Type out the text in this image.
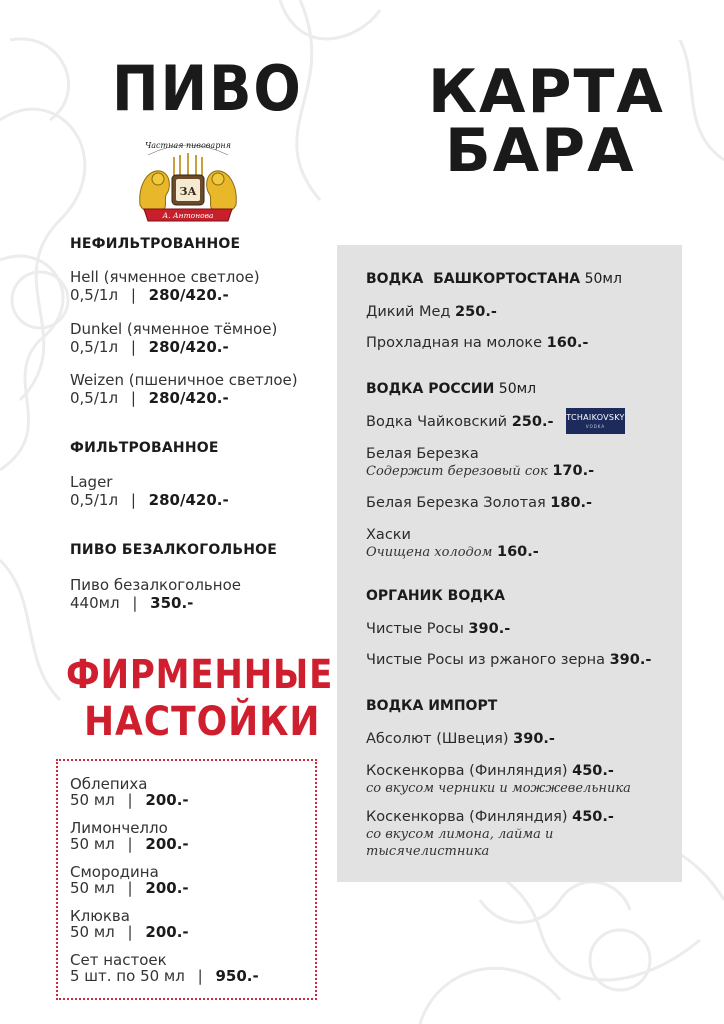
ПИВО
Частная пивоварня
ЗА
А. Антонова
НЕФИЛЬТРОВАННОЕ
Hell (ячменное светлое)
0,5/1л | 280/420.-
Dunkel (ячменное тёмное)
0,5/1л | 280/420.-
Weizen (пшеничное светлое)
0,5/1л | 280/420.-
ФИЛЬТРОВАННОЕ
Lager
0,5/1л | 280/420.-
ПИВО БЕЗАЛКОГОЛЬНОЕ
Пиво безалкогольное
440мл | 350.-
ФИРМЕННЫЕ
НАСТОЙКИ
Облепиха
50 мл | 200.-
Лимончелло
50 мл | 200.-
Смородина
50 мл | 200.-
Клюква
50 мл | 200.-
Сет настоек
5 шт. по 50 мл | 950.-
КАРТА
БАРА
ВОДКА  БАШКОРТОСТАНА 50мл
Дикий Мед 250.-
Прохладная на молоке 160.-
ВОДКА РОССИИ 50мл
Водка Чайковский 250.- TCHAIKOVSKY
VODKA
Белая Березка
Содержит березовый сок 170.-
Белая Березка Золотая 180.-
Хаски
Очищена холодом 160.-
ОРГАНИК ВОДКА
Чистые Росы 390.-
Чистые Росы из ржаного зерна 390.-
ВОДКА ИМПОРТ
Абсолют (Швеция) 390.-
Коскенкорва (Финляндия) 450.-
со вкусом черники и можжевельника
Коскенкорва (Финляндия) 450.-
со вкусом лимона, лайма и
тысячелистника
